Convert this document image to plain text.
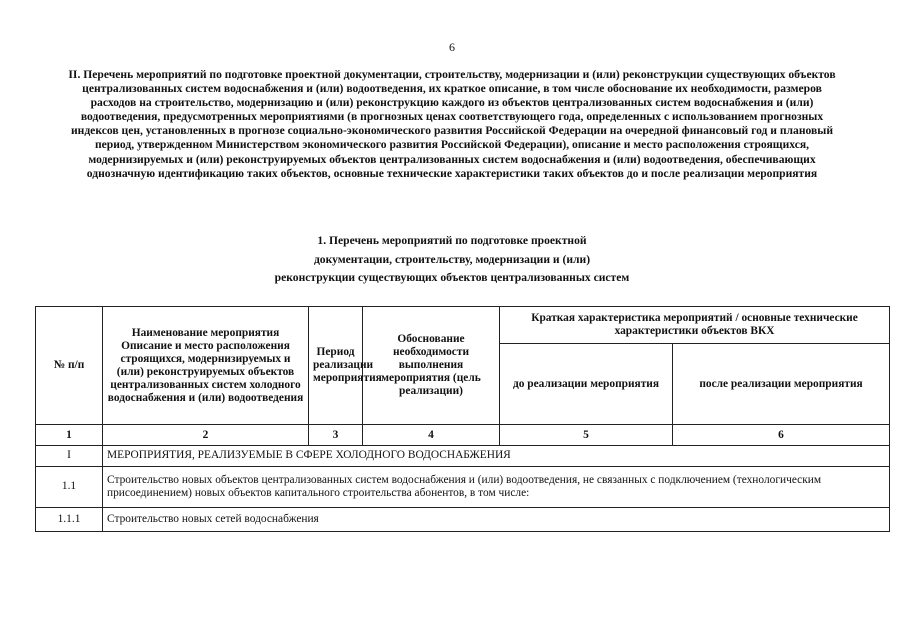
6
II. Перечень мероприятий по подготовке проектной документации, строительству, модернизации и (или) реконструкции существующих объектов централизованных систем водоснабжения и (или) водоотведения, их краткое описание, в том числе обоснование их необходимости, размеров расходов на строительство, модернизацию и (или) реконструкцию каждого из объектов централизованных систем водоснабжения и (или) водоотведения, предусмотренных мероприятиями (в прогнозных ценах соответствующего года, определенных с использованием прогнозных индексов цен, установленных в прогнозе социально-экономического развития Российской Федерации на очередной финансовый год и плановый период, утвержденном Министерством экономического развития Российской Федерации), описание и место расположения строящихся, модернизируемых и (или) реконструируемых объектов централизованных систем водоснабжения и (или) водоотведения, обеспечивающих однозначную идентификацию таких объектов, основные технические характеристики таких объектов до и после реализации мероприятия
1. Перечень мероприятий по подготовке проектной
документации, строительству, модернизации и (или)
реконструкции существующих объектов централизованных систем
№ п/п	Наименование мероприятия Описание и место расположения строящихся, модернизируемых и (или) реконструируемых объектов централизованных систем холодного водоснабжения и (или) водоотведения	Период реализации мероприятия	Обоснование необходимости выполнения мероприятия (цель реализации)	Краткая характеристика мероприятий / основные технические характеристики объектов ВКХ	
				до реализации мероприятия	после реализации мероприятия
1	2	3	4	5	6
I	МЕРОПРИЯТИЯ, РЕАЛИЗУЕМЫЕ В СФЕРЕ ХОЛОДНОГО ВОДОСНАБЖЕНИЯ				
1.1	Строительство новых объектов централизованных систем водоснабжения и (или) водоотведения, не связанных с подключением (технологическим присоединением) новых объектов капитального строительства абонентов, в том числе:				
1.1.1	Строительство новых сетей водоснабжения				
